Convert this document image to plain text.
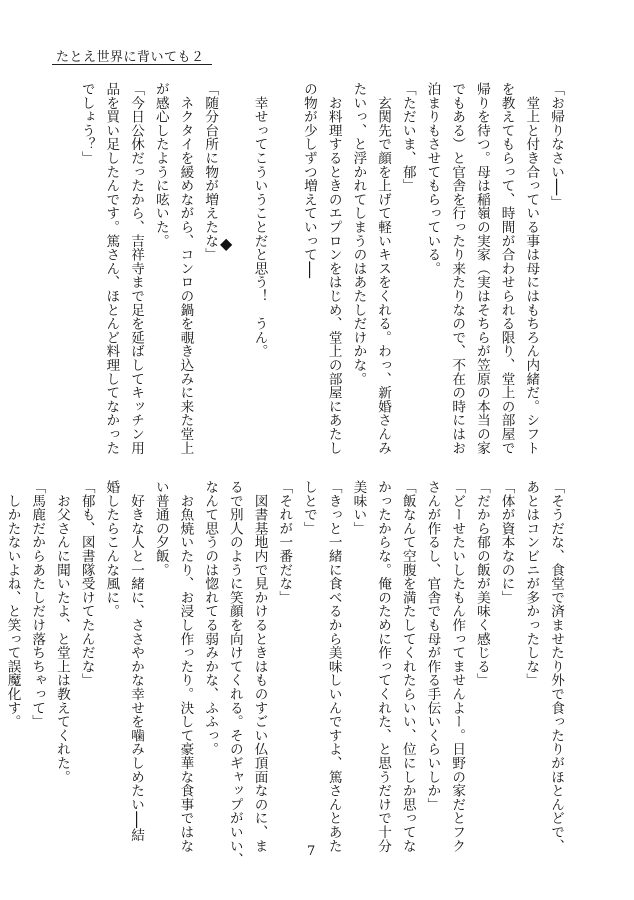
たとえ世界に背いても２
「お帰りなさい──」
　堂上と付き合っている事は母にはもちろん内緒だ。シフト
を教えてもらって、時間が合わせられる限り、堂上の部屋で
帰りを待つ。母は稲嶺の実家（実はそちらが笠原の本当の家
でもある）と官舎を行ったり来たりなので、不在の時にはお
泊まりもさせてもらっている。
「ただいま、郁」
　玄関先で顔を上げて軽いキスをくれる。わっ、新婚さんみ
たいっ、と浮かれてしまうのはあたしだけかな。
　お料理するときのエプロンをはじめ、堂上の部屋にあたし
の物が少しずつ増えていって──

　幸せってこういうことだと思う！　うん。

「随分台所に物が増えたな」
　ネクタイを緩めながら、コンロの鍋を覗き込みに来た堂上
が感心したように呟いた。
「今日公休だったから、吉祥寺まで足を延ばしてキッチン用
品を買い足したんです。篤さん、ほとんど料理してなかった
でしょう？」
◆
「そうだな、食堂で済ませたり外で食ったりがほとんどで、
あとはコンビニが多かったしな」
「体が資本なのに」
「だから郁の飯が美味く感じる」
「どーせたいしたもん作ってませんよー。日野の家だとフク
さんが作るし、官舎でも母が作る手伝いくらいしか」
「飯なんて空腹を満たしてくれたらいい、位にしか思ってな
かったからな。俺のために作ってくれた、と思うだけで十分
美味い」
「きっと一緒に食べるから美味しいんですよ、篤さんとあた
しとで」
「それが一番だな」
　図書基地内で見かけるときはものすごい仏頂面なのに、ま
るで別人のように笑顔を向けてくれる。そのギャップがいい、
なんて思うのは惚れてる弱みかな、ふふっ。
　お魚焼いたり、お浸し作ったり。決して豪華な食事ではな
い普通の夕飯。
　好きな人と一緒に、ささやかな幸せを噛みしめたい──結
婚したらこんな風に。
「郁も、図書隊受けてたんだな」
　お父さんに聞いたよ、と堂上は教えてくれた。
「馬鹿だからあたしだけ落ちちゃって」
　しかたないよね、と笑って誤魔化す。
7
